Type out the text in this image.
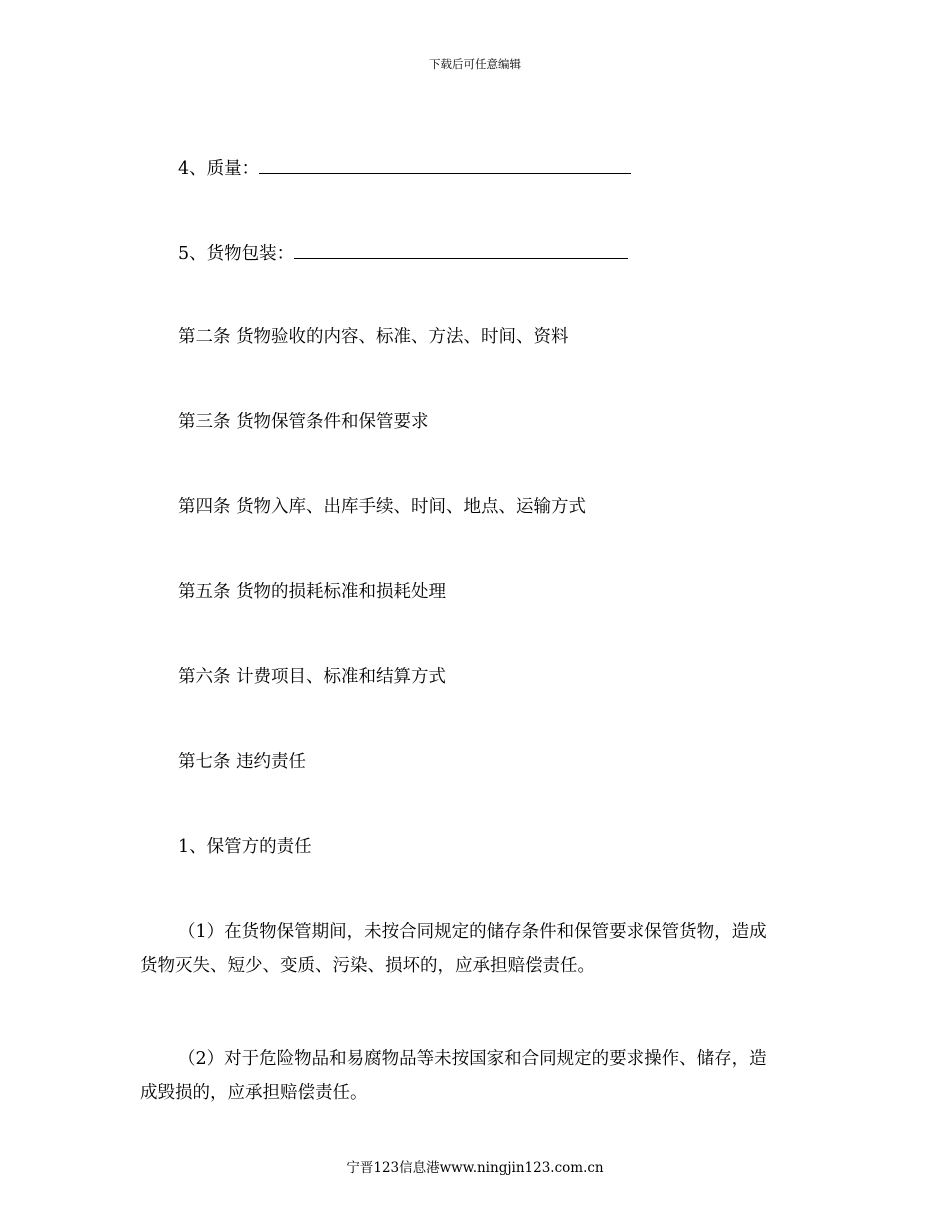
下载后可任意编辑
4、质量：
5、货物包装：
第二条 货物验收的内容、标准、方法、时间、资料
第三条 货物保管条件和保管要求
第四条 货物入库、出库手续、时间、地点、运输方式
第五条 货物的损耗标准和损耗处理
第六条 计费项目、标准和结算方式
第七条 违约责任
1、保管方的责任
（1）在货物保管期间，未按合同规定的储存条件和保管要求保管货物，造成
货物灭失、短少、变质、污染、损坏的，应承担赔偿责任。
（2）对于危险物品和易腐物品等未按国家和合同规定的要求操作、储存，造
成毁损的，应承担赔偿责任。
宁晋123信息港www.ningjin123.com.cn
